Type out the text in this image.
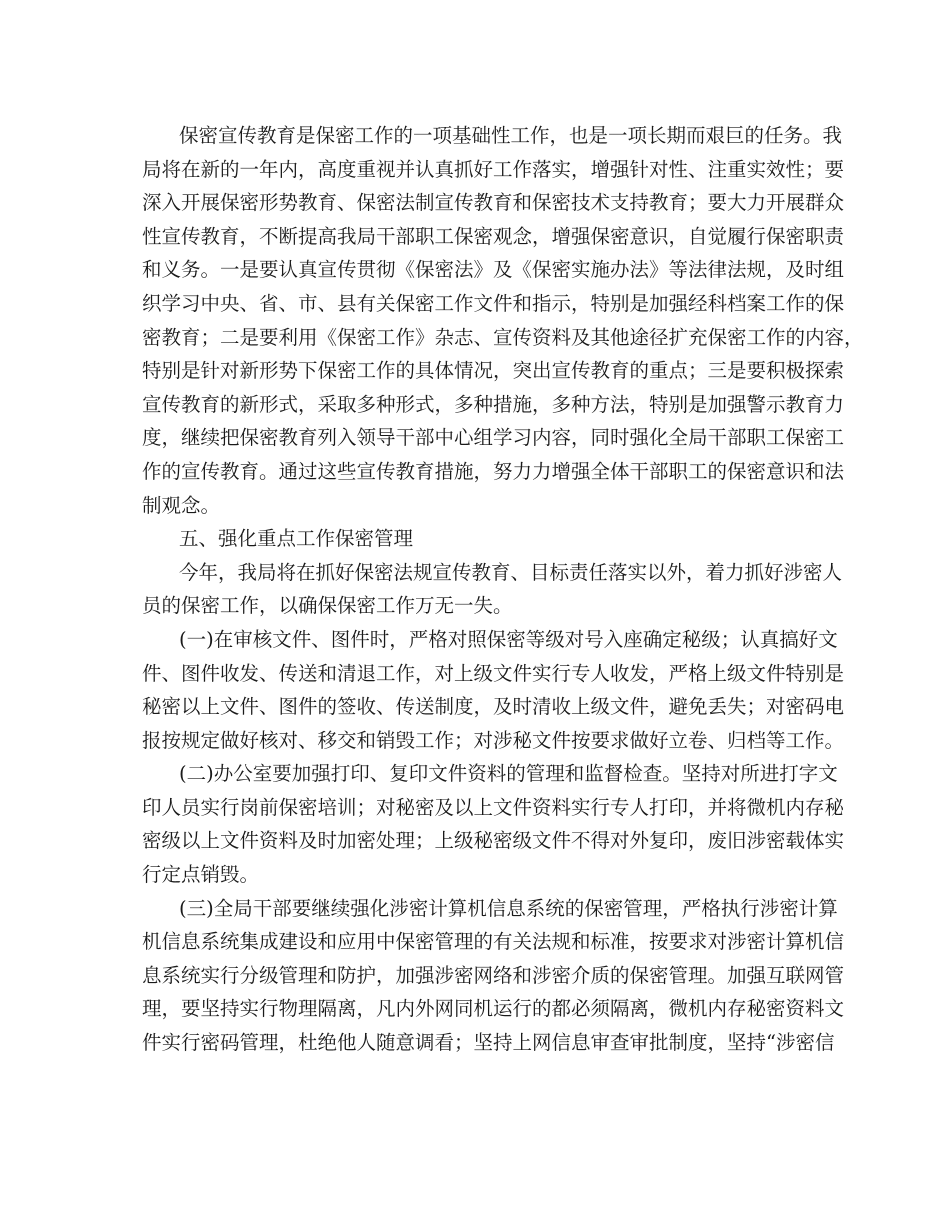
保密宣传教育是保密工作的一项基础性工作，也是一项长期而艰巨的任务。我
局将在新的一年内，高度重视并认真抓好工作落实，增强针对性、注重实效性；要
深入开展保密形势教育、保密法制宣传教育和保密技术支持教育；要大力开展群众
性宣传教育，不断提高我局干部职工保密观念，增强保密意识，自觉履行保密职责
和义务。一是要认真宣传贯彻《保密法》及《保密实施办法》等法律法规，及时组
织学习中央、省、市、县有关保密工作文件和指示，特别是加强经科档案工作的保
密教育；二是要利用《保密工作》杂志、宣传资料及其他途径扩充保密工作的内容，
特别是针对新形势下保密工作的具体情况，突出宣传教育的重点；三是要积极探索
宣传教育的新形式，采取多种形式，多种措施，多种方法，特别是加强警示教育力
度，继续把保密教育列入领导干部中心组学习内容，同时强化全局干部职工保密工
作的宣传教育。通过这些宣传教育措施，努力力增强全体干部职工的保密意识和法
制观念。
五、强化重点工作保密管理
今年，我局将在抓好保密法规宣传教育、目标责任落实以外，着力抓好涉密人
员的保密工作，以确保保密工作万无一失。
(一)在审核文件、图件时，严格对照保密等级对号入座确定秘级；认真搞好文
件、图件收发、传送和清退工作，对上级文件实行专人收发，严格上级文件特别是
秘密以上文件、图件的签收、传送制度，及时清收上级文件，避免丢失；对密码电
报按规定做好核对、移交和销毁工作；对涉秘文件按要求做好立卷、归档等工作。
(二)办公室要加强打印、复印文件资料的管理和监督检查。坚持对所进打字文
印人员实行岗前保密培训；对秘密及以上文件资料实行专人打印，并将微机内存秘
密级以上文件资料及时加密处理；上级秘密级文件不得对外复印，废旧涉密载体实
行定点销毁。
(三)全局干部要继续强化涉密计算机信息系统的保密管理，严格执行涉密计算
机信息系统集成建设和应用中保密管理的有关法规和标准，按要求对涉密计算机信
息系统实行分级管理和防护，加强涉密网络和涉密介质的保密管理。加强互联网管
理，要坚持实行物理隔离，凡内外网同机运行的都必须隔离，微机内存秘密资料文
件实行密码管理，杜绝他人随意调看；坚持上网信息审查审批制度，坚持“涉密信
